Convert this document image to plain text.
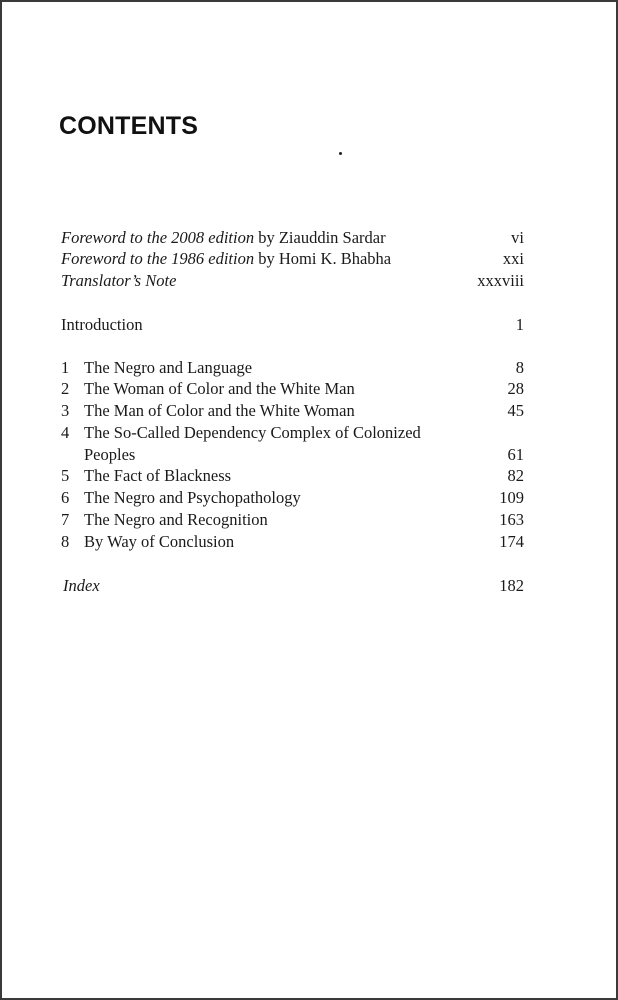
CONTENTS
Foreword to the 2008 edition by Ziauddin Sardar	vi
Foreword to the 1986 edition by Homi K. Bhabha	xxi
Translator’s Note	xxxviii
Introduction	1
1 The Negro and Language	8
2 The Woman of Color and the White Man	28
3 The Man of Color and the White Woman	45
4 The So-Called Dependency Complex of Colonized
Peoples	61
5 The Fact of Blackness	82
6 The Negro and Psychopathology	109
7 The Negro and Recognition	163
8 By Way of Conclusion	174
Index	182
